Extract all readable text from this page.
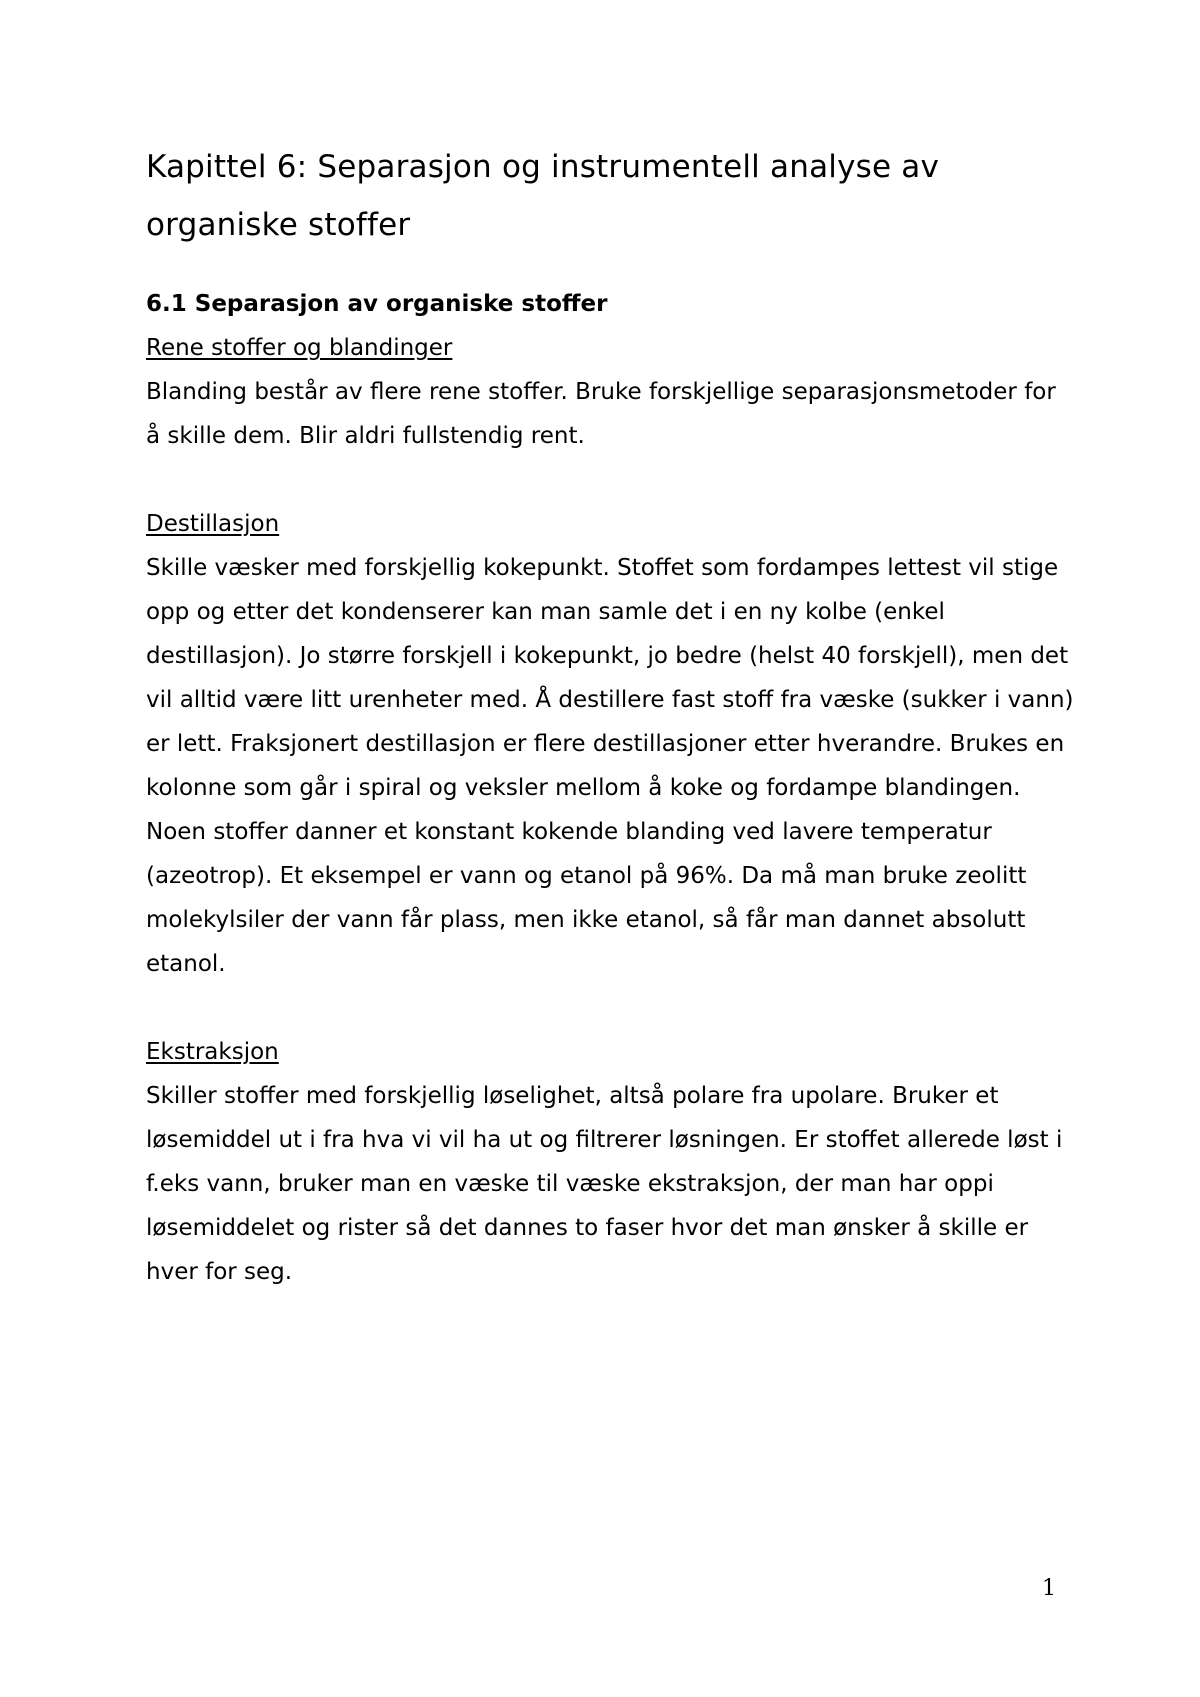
Kapittel 6: Separasjon og instrumentell analyse av organiske stoffer
6.1 Separasjon av organiske stoffer
Rene stoffer og blandinger

Blanding består av flere rene stoffer. Bruke forskjellige separasjonsmetoder for å skille dem. Blir aldri fullstendig rent.

Destillasjon

Skille væsker med forskjellig kokepunkt. Stoffet som fordampes lettest vil stige opp og etter det kondenserer kan man samle det i en ny kolbe (enkel destillasjon). Jo større forskjell i kokepunkt, jo bedre (helst 40 forskjell), men det vil alltid være litt urenheter med. Å destillere fast stoff fra væske (sukker i vann) er lett. Fraksjonert destillasjon er flere destillasjoner etter hverandre. Brukes en kolonne som går i spiral og veksler mellom å koke og fordampe blandingen. Noen stoffer danner et konstant kokende blanding ved lavere temperatur (azeotrop). Et eksempel er vann og etanol på 96%. Da må man bruke zeolitt molekylsiler der vann får plass, men ikke etanol, så får man dannet absolutt etanol.

Ekstraksjon

Skiller stoffer med forskjellig løselighet, altså polare fra upolare. Bruker et løsemiddel ut i fra hva vi vil ha ut og filtrerer løsningen. Er stoffet allerede løst i f.eks vann, bruker man en væske til væske ekstraksjon, der man har oppi løsemiddelet og rister så det dannes to faser hvor det man ønsker å skille er hver for seg.

1
